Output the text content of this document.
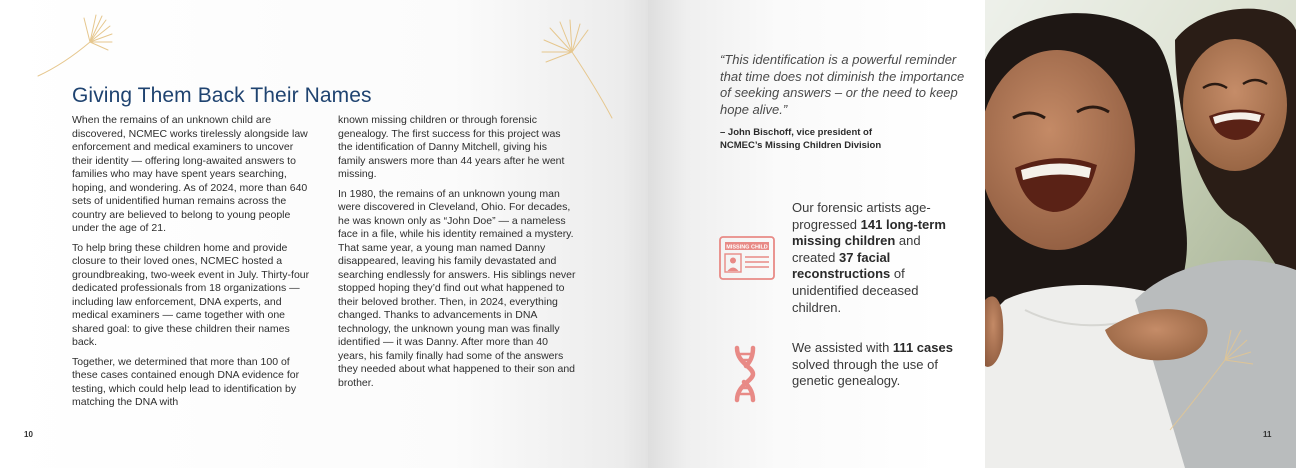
Giving Them Back Their Names

When the remains of an unknown child are discovered, NCMEC works tirelessly alongside law enforcement and medical examiners to uncover their identity — offering long-awaited answers to families who may have spent years searching, hoping, and wondering. As of 2024, more than 640 sets of unidentified human remains across the country are believed to belong to young people under the age of 21.

To help bring these children home and provide closure to their loved ones, NCMEC hosted a groundbreaking, two-week event in July. Thirty-four dedicated professionals from 18 organizations — including law enforcement, DNA experts, and medical examiners — came together with one shared goal: to give these children their names back.

Together, we determined that more than 100 of these cases contained enough DNA evidence for testing, which could help lead to identification by matching the DNA with

known missing children or through forensic genealogy. The first success for this project was the identification of Danny Mitchell, giving his family answers more than 44 years after he went missing.

In 1980, the remains of an unknown young man were discovered in Cleveland, Ohio. For decades, he was known only as “John Doe” — a nameless face in a file, while his identity remained a mystery. That same year, a young man named Danny disappeared, leaving his family devastated and searching endlessly for answers. His siblings never stopped hoping they’d find out what happened to their beloved brother. Then, in 2024, everything changed. Thanks to advancements in DNA technology, the unknown young man was finally identified — it was Danny. After more than 40 years, his family finally had some of the answers they needed about what happened to their son and brother.

10
“This identification is a powerful reminder that time does not diminish the importance of seeking answers – or the need to keep hope alive.”
– John Bischoff, vice president of
NCMEC’s Missing Children Division
MISSING CHILD
Our forensic artists age-progressed 141 long-term missing children and created 37 facial reconstructions of unidentified deceased children.
We assisted with 111 cases solved through the use of genetic genealogy.
11
